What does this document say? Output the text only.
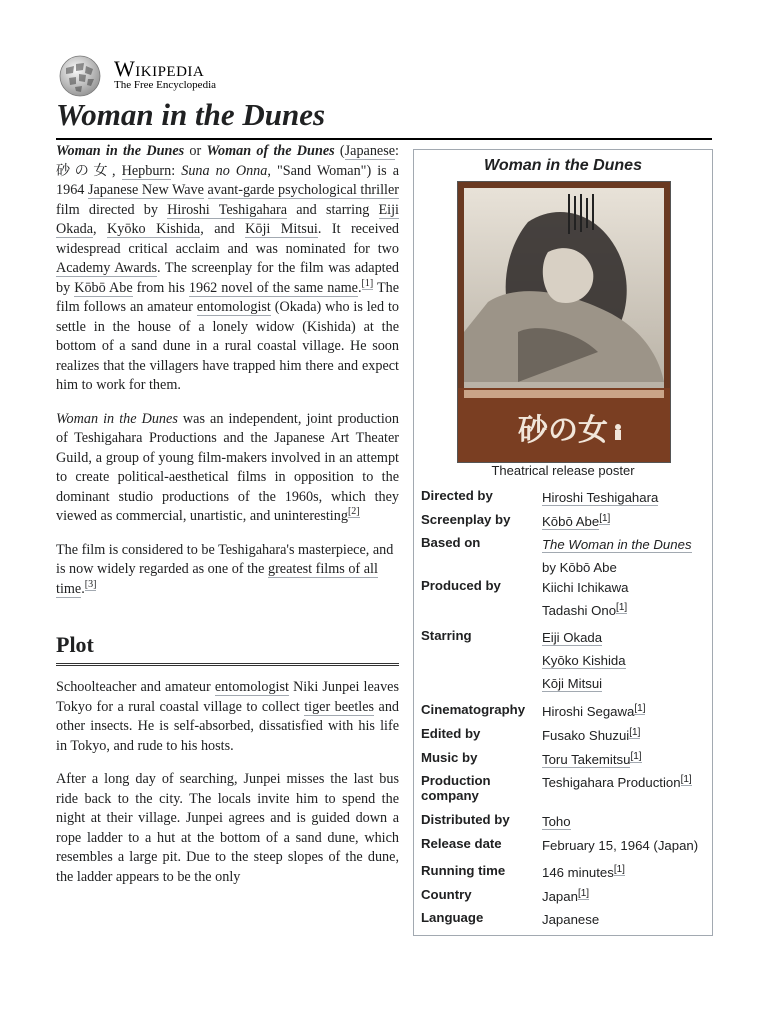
Wikipedia
The Free Encyclopedia
Woman in the Dunes

Woman in the Dunes or Woman of the Dunes (Japanese: 砂の女, Hepburn: Suna no Onna, "Sand Woman") is a 1964 Japanese New Wave avant-garde psychological thriller film directed by Hiroshi Teshigahara and starring Eiji Okada, Kyōko Kishida, and Kōji Mitsui. It received widespread critical acclaim and was nominated for two Academy Awards. The screenplay for the film was adapted by Kōbō Abe from his 1962 novel of the same name.[1] The film follows an amateur entomologist (Okada) who is led to settle in the house of a lonely widow (Kishida) at the bottom of a sand dune in a rural coastal village. He soon realizes that the villagers have trapped him there and expect him to work for them.

Woman in the Dunes was an independent, joint production of Teshigahara Productions and the Japanese Art Theater Guild, a group of young film-makers involved in an attempt to create political-aesthetical films in opposition to the dominant studio productions of the 1960s, which they viewed as commercial, unartistic, and uninteresting[2]

The film is considered to be Teshigahara's masterpiece, and is now widely regarded as one of the greatest films of all time.[3]

Plot

Schoolteacher and amateur entomologist Niki Junpei leaves Tokyo for a rural coastal village to collect tiger beetles and other insects. He is self-absorbed, dissatisfied with his life in Tokyo, and rude to his hosts.

After a long day of searching, Junpei misses the last bus ride back to the city. The locals invite him to spend the night at their village. Junpei agrees and is guided down a rope ladder to a hut at the bottom of a sand dune, which resembles a large pit. Due to the steep slopes of the dune, the ladder appears to be the only

Woman in the Dunes
砂の女
Theatrical release poster
Directed by	Hiroshi Teshigahara
Screenplay by	Kōbō Abe[1]
Based on	The Woman in the Dunes
by Kōbō Abe
Produced by	Kiichi Ichikawa
Tadashi Ono[1]
Starring	Eiji Okada
Kyōko Kishida
Kōji Mitsui
Cinematography	Hiroshi Segawa[1]
Edited by	Fusako Shuzui[1]
Music by	Toru Takemitsu[1]
Production company
Teshigahara Production[1]
Distributed by	Toho
Release date	February 15, 1964 (Japan)
Running time	146 minutes[1]
Country	Japan[1]
Language	Japanese
